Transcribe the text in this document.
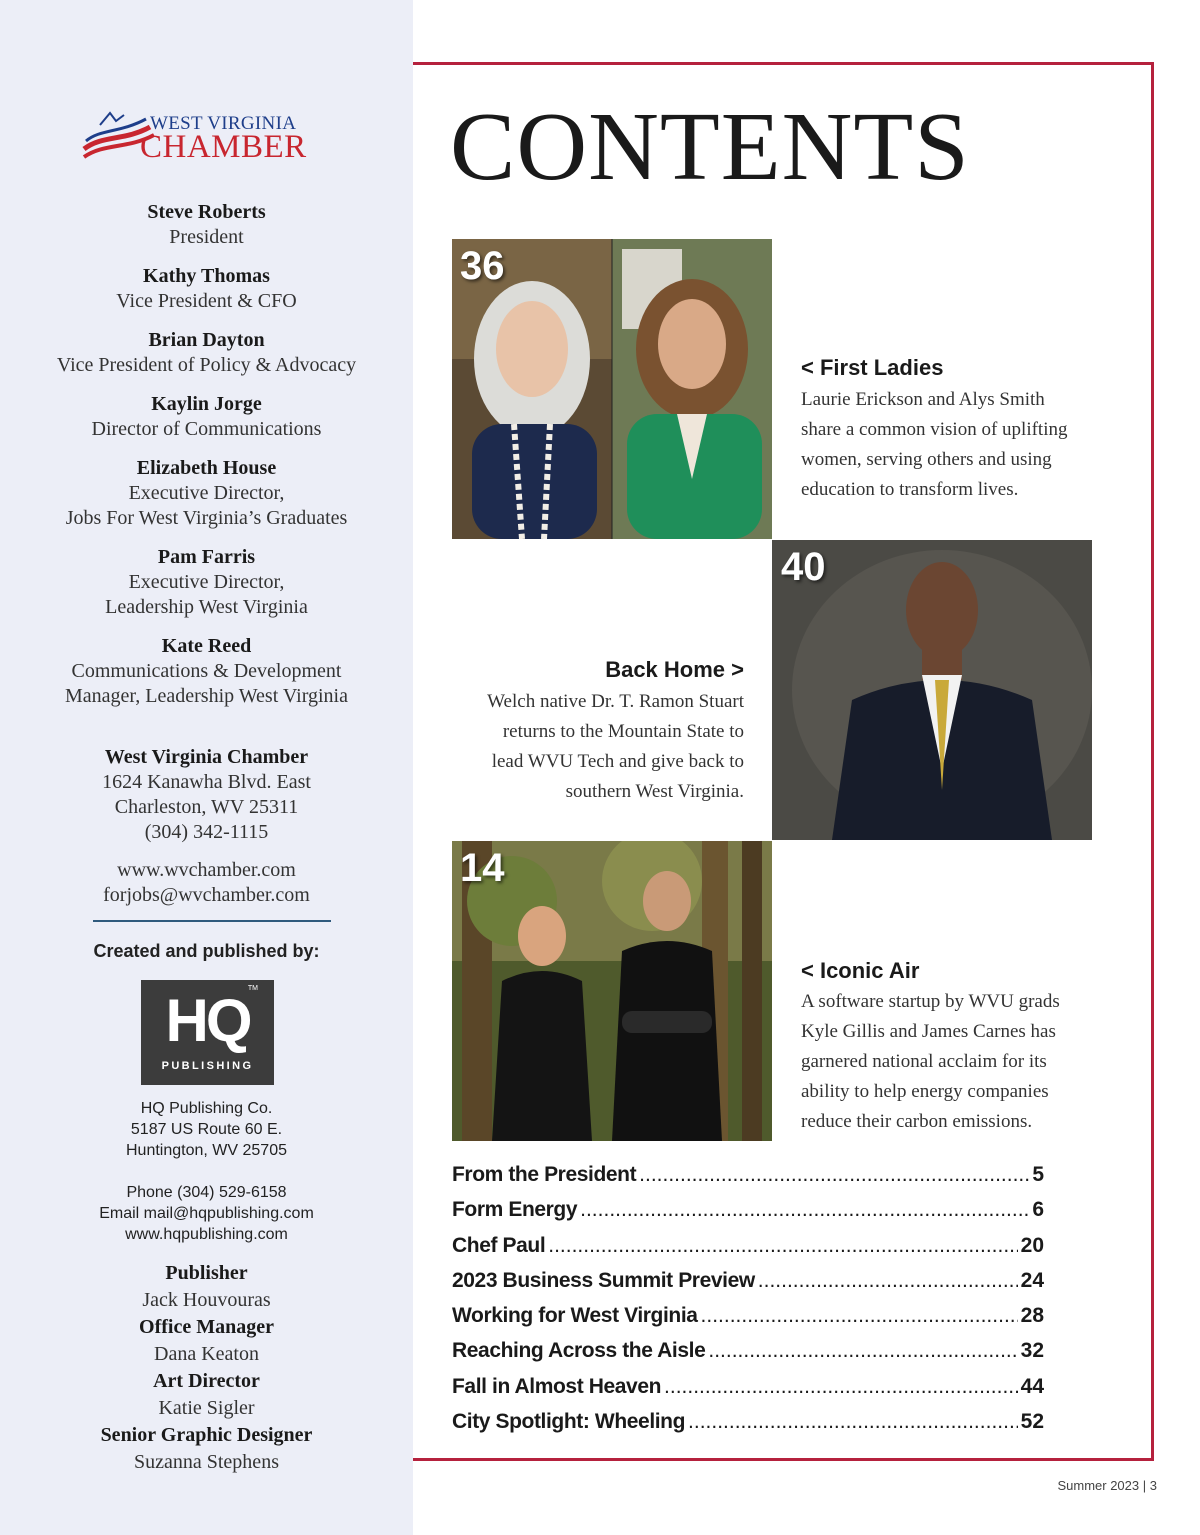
WEST VIRGINIA
CHAMBER
Steve Roberts
President
Kathy Thomas
Vice President & CFO
Brian Dayton
Vice President of Policy & Advocacy
Kaylin Jorge
Director of Communications
Elizabeth House
Executive Director,
Jobs For West Virginia’s Graduates
Pam Farris
Executive Director,
Leadership West Virginia
Kate Reed
Communications & Development
Manager, Leadership West Virginia
West Virginia Chamber
1624 Kanawha Blvd. East
Charleston, WV 25311
(304) 342-1115
www.wvchamber.com
forjobs@wvchamber.com
Created and published by:
HQ
TM
PUBLISHING
HQ Publishing Co.
5187 US Route 60 E.
Huntington, WV 25705
Phone (304) 529-6158
Email mail@hqpublishing.com
www.hqpublishing.com
Publisher
Jack Houvouras
Office Manager
Dana Keaton
Art Director
Katie Sigler
Senior Graphic Designer
Suzanna Stephens
CONTENTS
36
< First Ladies
Laurie Erickson and Alys Smith
share a common vision of uplifting
women, serving others and using
education to transform lives.
40
Back Home >
Welch native Dr. T. Ramon Stuart
returns to the Mountain State to
lead WVU Tech and give back to
southern West Virginia.
14
< Iconic Air
A software startup by WVU grads
Kyle Gillis and James Carnes has
garnered national acclaim for its
ability to help energy companies
reduce their carbon emissions.
From the President .....	5
Form Energy .....	6
Chef Paul .....	20
2023 Business Summit Preview .....	24
Working for West Virginia .....	28
Reaching Across the Aisle .....	32
Fall in Almost Heaven .....	44
City Spotlight: Wheeling .....	52
Summer 2023 | 3
